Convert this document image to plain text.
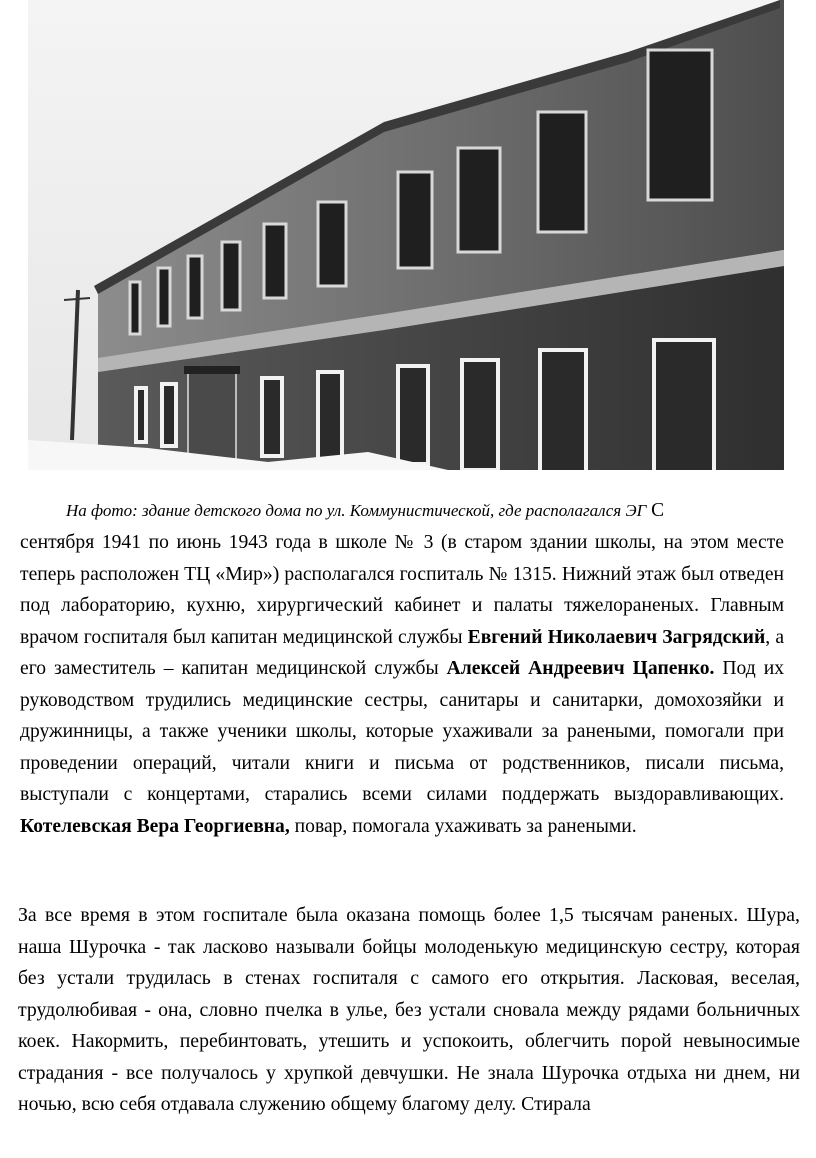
На фото: здание детского дома по ул. Коммунистической, где располагался ЭГ С
сентября 1941 по июнь 1943 года в школе № 3 (в старом здании школы, на этом месте теперь расположен ТЦ «Мир») располагался госпиталь № 1315. Нижний этаж был отведен под лабораторию, кухню, хирургический кабинет и палаты тяжелораненых. Главным врачом госпиталя был капитан медицинской службы Евгений Николаевич Загрядский, а его заместитель – капитан медицинской службы Алексей Андреевич Цапенко. Под их руководством трудились медицинские сестры, санитары и санитарки, домохозяйки и дружинницы, а также ученики школы, которые ухаживали за ранеными, помогали при проведении операций, читали книги и письма от родственников, писали письма, выступали с концертами, старались всеми силами поддержать выздоравливающих. Котелевская Вера Георгиевна, повар, помогала ухаживать за ранеными.
За все время в этом госпитале была оказана помощь более 1,5 тысячам раненых. Шура, наша Шурочка - так ласково называли бойцы молоденькую медицинскую сестру, которая без устали трудилась в стенах госпиталя с самого его открытия. Ласковая, веселая, трудолюбивая - она, словно пчелка в улье, без устали сновала между рядами больничных коек. Накормить, перебинтовать, утешить и успокоить, облегчить порой невыносимые страдания - все получалось у хрупкой девчушки. Не знала Шурочка отдыха ни днем, ни ночью, всю себя отдавала служению общему благому делу. Стирала
